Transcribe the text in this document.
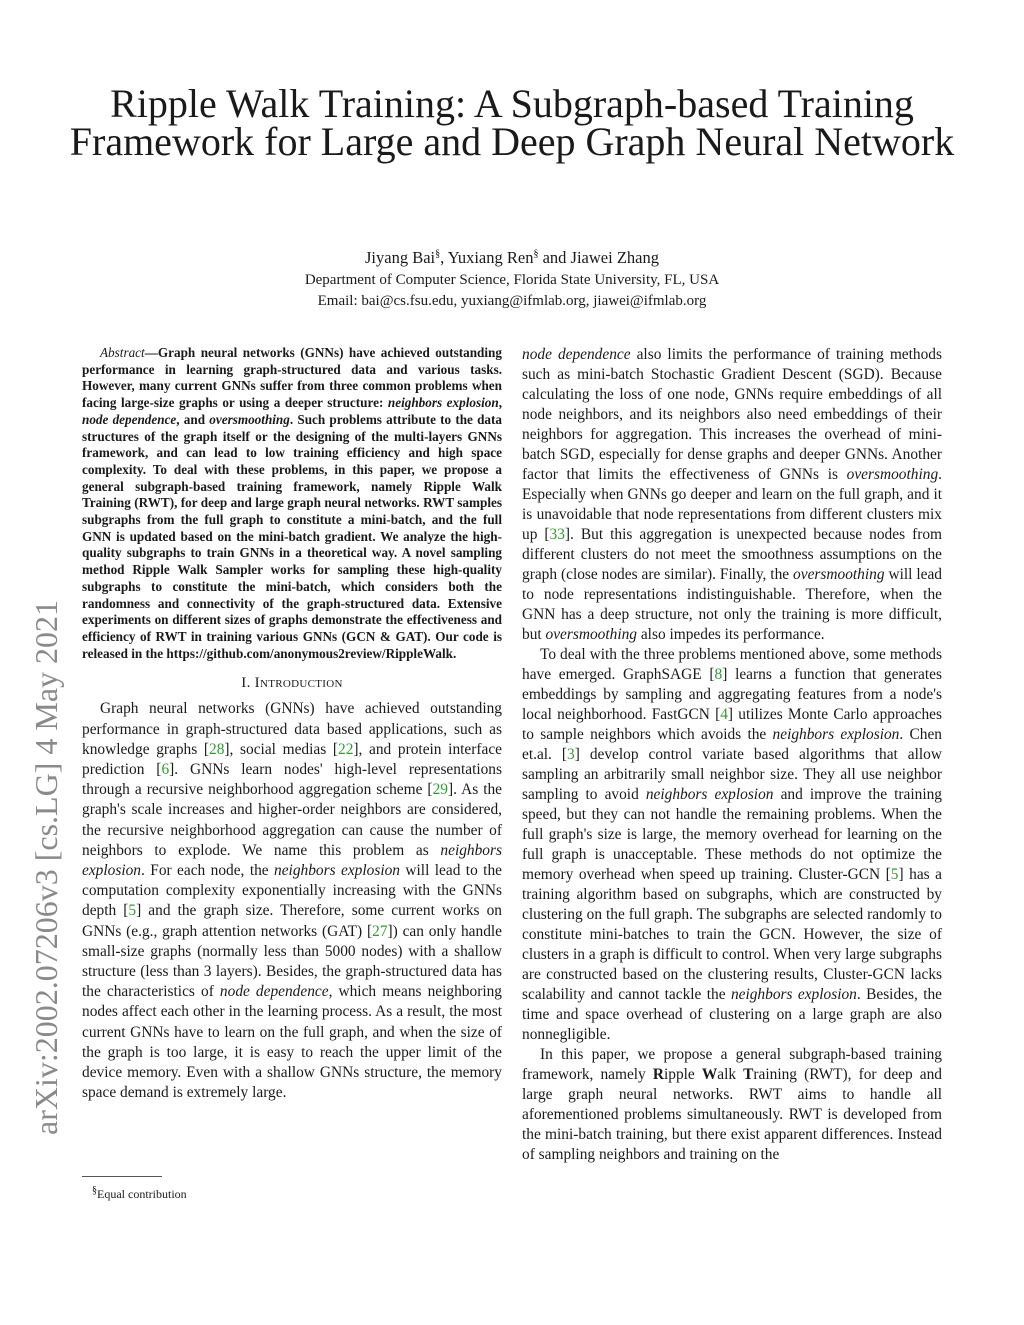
Ripple Walk Training: A Subgraph-based Training Framework for Large and Deep Graph Neural Network
Jiyang Bai§, Yuxiang Ren§ and Jiawei Zhang
Department of Computer Science, Florida State University, FL, USA
Email: bai@cs.fsu.edu, yuxiang@ifmlab.org, jiawei@ifmlab.org
arXiv:2002.07206v3 [cs.LG] 4 May 2021

Abstract—Graph neural networks (GNNs) have achieved outstanding performance in learning graph-structured data and various tasks. However, many current GNNs suffer from three common problems when facing large-size graphs or using a deeper structure: neighbors explosion, node dependence, and oversmoothing. Such problems attribute to the data structures of the graph itself or the designing of the multi-layers GNNs framework, and can lead to low training efficiency and high space complexity. To deal with these problems, in this paper, we propose a general subgraph-based training framework, namely Ripple Walk Training (RWT), for deep and large graph neural networks. RWT samples subgraphs from the full graph to constitute a mini-batch, and the full GNN is updated based on the mini-batch gradient. We analyze the high-quality subgraphs to train GNNs in a theoretical way. A novel sampling method Ripple Walk Sampler works for sampling these high-quality subgraphs to constitute the mini-batch, which considers both the randomness and connectivity of the graph-structured data. Extensive experiments on different sizes of graphs demonstrate the effectiveness and efficiency of RWT in training various GNNs (GCN & GAT). Our code is released in the https://github.com/anonymous2review/RippleWalk.

I. Introduction

Graph neural networks (GNNs) have achieved outstanding performance in graph-structured data based applications, such as knowledge graphs [28], social medias [22], and protein interface prediction [6]. GNNs learn nodes' high-level representations through a recursive neighborhood aggregation scheme [29]. As the graph's scale increases and higher-order neighbors are considered, the recursive neighborhood aggregation can cause the number of neighbors to explode. We name this problem as neighbors explosion. For each node, the neighbors explosion will lead to the computation complexity exponentially increasing with the GNNs depth [5] and the graph size. Therefore, some current works on GNNs (e.g., graph attention networks (GAT) [27]) can only handle small-size graphs (normally less than 5000 nodes) with a shallow structure (less than 3 layers). Besides, the graph-structured data has the characteristics of node dependence, which means neighboring nodes affect each other in the learning process. As a result, the most current GNNs have to learn on the full graph, and when the size of the graph is too large, it is easy to reach the upper limit of the device memory. Even with a shallow GNNs structure, the memory space demand is extremely large.

§Equal contribution

node dependence also limits the performance of training methods such as mini-batch Stochastic Gradient Descent (SGD). Because calculating the loss of one node, GNNs require embeddings of all node neighbors, and its neighbors also need embeddings of their neighbors for aggregation. This increases the overhead of mini-batch SGD, especially for dense graphs and deeper GNNs. Another factor that limits the effectiveness of GNNs is oversmoothing. Especially when GNNs go deeper and learn on the full graph, and it is unavoidable that node representations from different clusters mix up [33]. But this aggregation is unexpected because nodes from different clusters do not meet the smoothness assumptions on the graph (close nodes are similar). Finally, the oversmoothing will lead to node representations indistinguishable. Therefore, when the GNN has a deep structure, not only the training is more difficult, but oversmoothing also impedes its performance.

To deal with the three problems mentioned above, some methods have emerged. GraphSAGE [8] learns a function that generates embeddings by sampling and aggregating features from a node's local neighborhood. FastGCN [4] utilizes Monte Carlo approaches to sample neighbors which avoids the neighbors explosion. Chen et.al. [3] develop control variate based algorithms that allow sampling an arbitrarily small neighbor size. They all use neighbor sampling to avoid neighbors explosion and improve the training speed, but they can not handle the remaining problems. When the full graph's size is large, the memory overhead for learning on the full graph is unacceptable. These methods do not optimize the memory overhead when speed up training. Cluster-GCN [5] has a training algorithm based on subgraphs, which are constructed by clustering on the full graph. The subgraphs are selected randomly to constitute mini-batches to train the GCN. However, the size of clusters in a graph is difficult to control. When very large subgraphs are constructed based on the clustering results, Cluster-GCN lacks scalability and cannot tackle the neighbors explosion. Besides, the time and space overhead of clustering on a large graph are also nonnegligible.

In this paper, we propose a general subgraph-based training framework, namely Ripple Walk Training (RWT), for deep and large graph neural networks. RWT aims to handle all aforementioned problems simultaneously. RWT is developed from the mini-batch training, but there exist apparent differences. Instead of sampling neighbors and training on the
